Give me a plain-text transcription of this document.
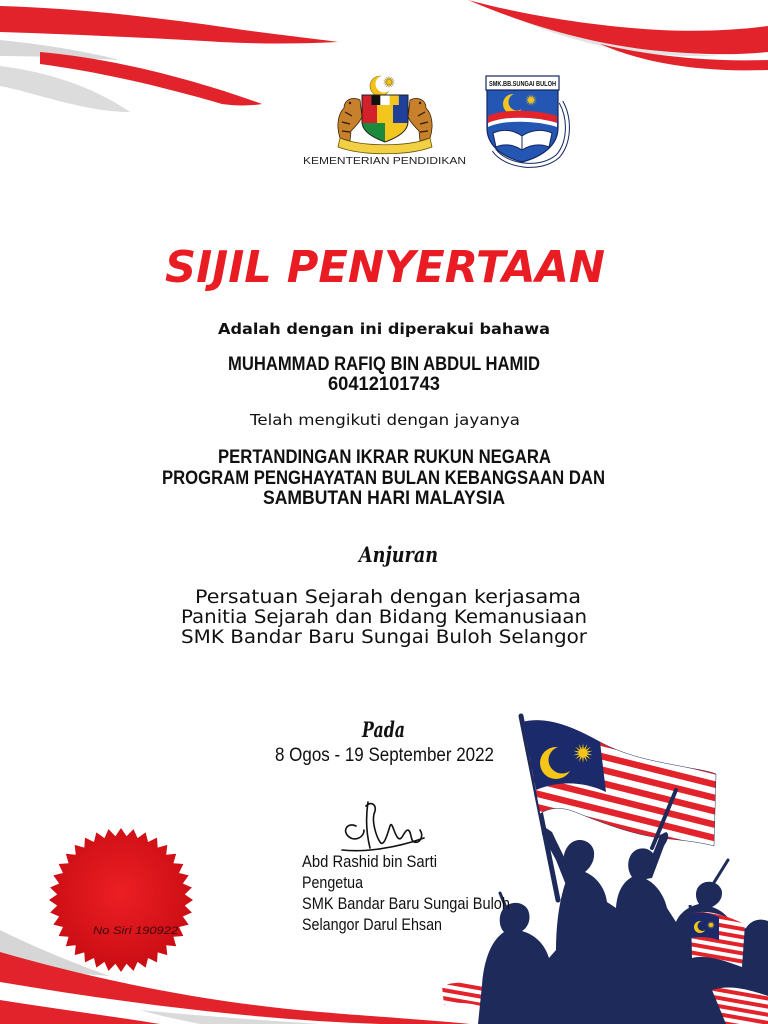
KEMENTERIAN PENDIDIKAN
SMK.BB.SUNGAI BULOH
SIJIL PENYERTAAN
Adalah dengan ini diperakui bahawa
MUHAMMAD RAFIQ BIN ABDUL HAMID
60412101743
Telah mengikuti dengan jayanya
PERTANDINGAN IKRAR RUKUN NEGARA
PROGRAM PENGHAYATAN BULAN KEBANGSAAN DAN
SAMBUTAN HARI MALAYSIA
Anjuran
Persatuan Sejarah dengan kerjasama
Panitia Sejarah dan Bidang Kemanusiaan
SMK Bandar Baru Sungai Buloh Selangor
Pada
8 Ogos - 19 September 2022
No Siri 190922
Abd Rashid bin Sarti
Pengetua
SMK Bandar Baru Sungai Buloh
Selangor Darul Ehsan
